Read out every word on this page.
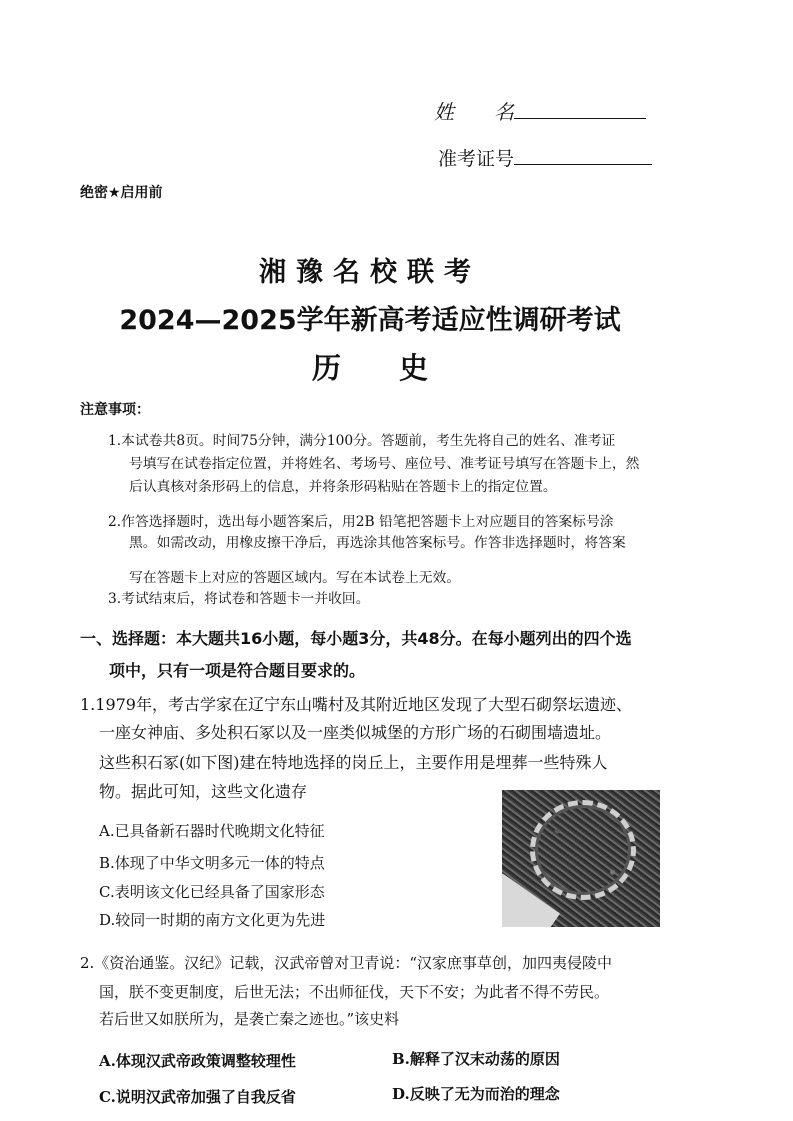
姓　　名
准考证号
绝密★启用前
湘豫名校联考
2024—2025学年新高考适应性调研考试
历　　史
注意事项：
1.本试卷共8页。时间75分钟，满分100分。答题前，考生先将自己的姓名、准考证
号填写在试卷指定位置，并将姓名、考场号、座位号、准考证号填写在答题卡上，然
后认真核对条形码上的信息，并将条形码粘贴在答题卡上的指定位置。
2.作答选择题时，选出每小题答案后，用2B 铅笔把答题卡上对应题目的答案标号涂
黑。如需改动，用橡皮擦干净后，再选涂其他答案标号。作答非选择题时，将答案
写在答题卡上对应的答题区域内。写在本试卷上无效。
3.考试结束后，将试卷和答题卡一并收回。
一、选择题：本大题共16小题，每小题3分，共48分。在每小题列出的四个选
项中，只有一项是符合题目要求的。
1.1979年，考古学家在辽宁东山嘴村及其附近地区发现了大型石砌祭坛遗迹、
一座女神庙、多处积石冢以及一座类似城堡的方形广场的石砌围墙遗址。
这些积石冢(如下图)建在特地选择的岗丘上，主要作用是埋葬一些特殊人
物。据此可知，这些文化遗存
A.已具备新石器时代晚期文化特征
B.体现了中华文明多元一体的特点
C.表明该文化已经具备了国家形态
D.较同一时期的南方文化更为先进
2.《资治通鉴。汉纪》记载，汉武帝曾对卫青说：“汉家庶事草创，加四夷侵陵中
国，朕不变更制度，后世无法；不出师征伐，天下不安；为此者不得不劳民。
若后世又如朕所为，是袭亡秦之迹也。”该史料
A.体现汉武帝政策调整较理性	B.解释了汉末动荡的原因
C.说明汉武帝加强了自我反省	D.反映了无为而治的理念
